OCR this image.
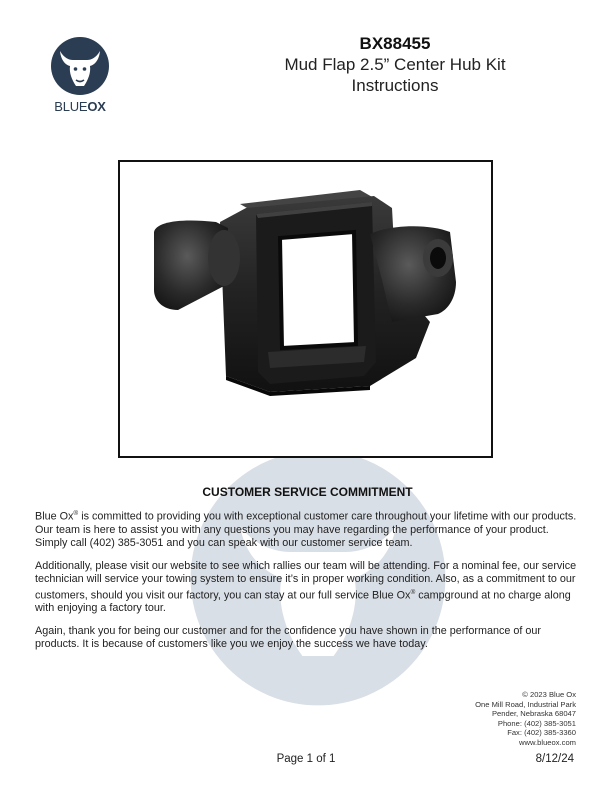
BLUEOX
BX88455
Mud Flap 2.5” Center Hub Kit
Instructions
CUSTOMER SERVICE COMMITMENT

Blue Ox® is committed to providing you with exceptional customer care throughout your lifetime with our products. Our team is here to assist you with any questions you may have regarding the performance of your product. Simply call (402) 385-3051 and you can speak with our customer service team.

Additionally, please visit our website to see which rallies our team will be attending. For a nominal fee, our service technician will service your towing system to ensure it’s in proper working condition. Also, as a commitment to our customers, should you visit our factory, you can stay at our full service Blue Ox® campground at no charge along with enjoying a factory tour.

Again, thank you for being our customer and for the confidence you have shown in the performance of our products. It is because of customers like you we enjoy the success we have today.

© 2023 Blue Ox
One Mill Road, Industrial Park
Pender, Nebraska 68047
Phone: (402) 385-3051
Fax: (402) 385-3360
www.blueox.com
Page 1 of 1	8/12/24
